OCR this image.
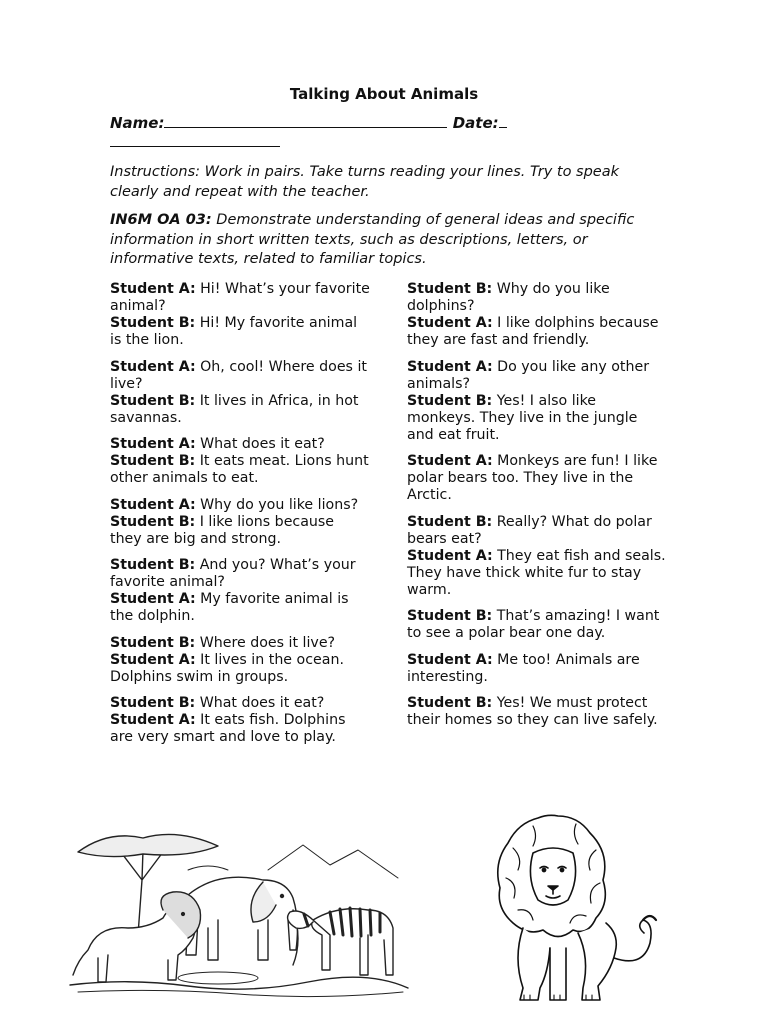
Talking About Animals
Name:	Date:

Instructions: Work in pairs. Take turns reading your lines. Try to speak clearly and repeat with the teacher.
IN6M OA 03: Demonstrate understanding of general ideas and specific information in short written texts, such as descriptions, letters, or informative texts, related to familiar topics.
Student A: Hi! What’s your favorite animal?
Student B: Hi! My favorite animal is the lion.
Student A: Oh, cool! Where does it live?
Student B: It lives in Africa, in hot savannas.
Student A: What does it eat?
Student B: It eats meat. Lions hunt other animals to eat.
Student A: Why do you like lions?
Student B: I like lions because they are big and strong.
Student B: And you? What’s your favorite animal?
Student A: My favorite animal is the dolphin.
Student B: Where does it live?
Student A: It lives in the ocean. Dolphins swim in groups.
Student B: What does it eat?
Student A: It eats fish. Dolphins are very smart and love to play.
Student B: Why do you like dolphins?
Student A: I like dolphins because they are fast and friendly.
Student A: Do you like any other animals?
Student B: Yes! I also like monkeys. They live in the jungle and eat fruit.
Student A: Monkeys are fun! I like polar bears too. They live in the Arctic.
Student B: Really? What do polar bears eat?
Student A: They eat fish and seals. They have thick white fur to stay warm.
Student B: That’s amazing! I want to see a polar bear one day.
Student A: Me too! Animals are interesting.
Student B: Yes! We must protect their homes so they can live safely.
